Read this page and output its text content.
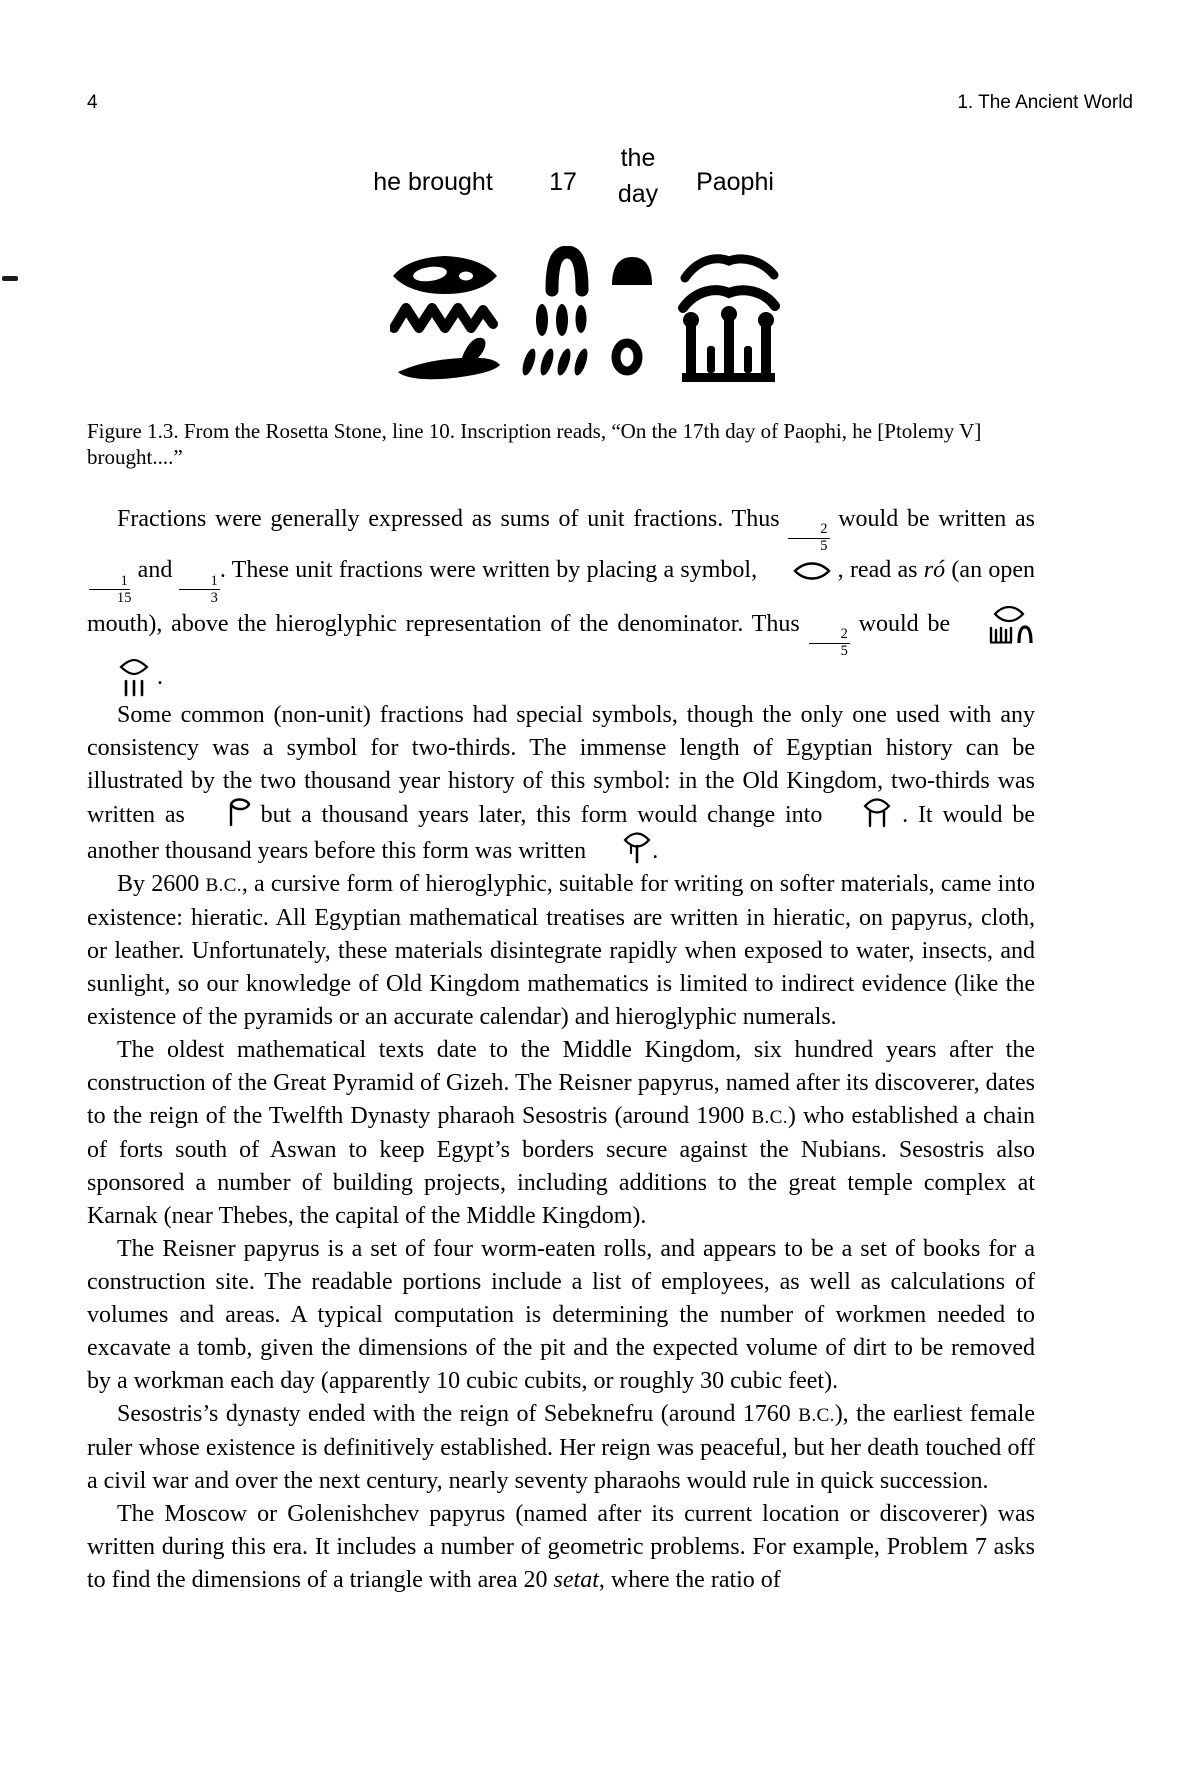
4	1. The Ancient World
he brought 17
the
day Paophi

Figure 1.3. From the Rosetta Stone, line 10. Inscription reads, “On the 17th day of Paophi, he [Ptolemy V] brought....”

Fractions were generally expressed as sums of unit fractions. Thus
$\frac{2}{5}$
would be written as
$\frac{1}{15}$
and
$\frac{1}{3}$
. These unit fractions were written by placing a symbol,	, read as ró (an open mouth), above the hieroglyphic representation of the denominator. Thus
$\frac{2}{5}$
would be   .

Some common (non-unit) fractions had special symbols, though the only one used with any consistency was a symbol for two-thirds. The immense length of Egyptian history can be illustrated by the two thousand year history of this symbol: in the Old Kingdom, two-thirds was written as  but a thousand years later, this form would change into	. It would be another thousand years before this form was written	.

By 2600 B.C., a cursive form of hieroglyphic, suitable for writing on softer materials, came into existence: hieratic. All Egyptian mathematical treatises are written in hieratic, on papyrus, cloth, or leather. Unfortunately, these materials disintegrate rapidly when exposed to water, insects, and sunlight, so our knowledge of Old Kingdom mathematics is limited to indirect evidence (like the existence of the pyramids or an accurate calendar) and hieroglyphic numerals.

The oldest mathematical texts date to the Middle Kingdom, six hundred years after the construction of the Great Pyramid of Gizeh. The Reisner papyrus, named after its discoverer, dates to the reign of the Twelfth Dynasty pharaoh Sesostris (around 1900 B.C.) who established a chain of forts south of Aswan to keep Egypt’s borders secure against the Nubians. Sesostris also sponsored a number of building projects, including additions to the great temple complex at Karnak (near Thebes, the capital of the Middle Kingdom).

The Reisner papyrus is a set of four worm-eaten rolls, and appears to be a set of books for a construction site. The readable portions include a list of employees, as well as calculations of volumes and areas. A typical computation is determining the number of workmen needed to excavate a tomb, given the dimensions of the pit and the expected volume of dirt to be removed by a workman each day (apparently 10 cubic cubits, or roughly 30 cubic feet).

Sesostris’s dynasty ended with the reign of Sebeknefru (around 1760 B.C.), the earliest female ruler whose existence is definitively established. Her reign was peaceful, but her death touched off a civil war and over the next century, nearly seventy pharaohs would rule in quick succession.

The Moscow or Golenishchev papyrus (named after its current location or discoverer) was written during this era. It includes a number of geometric problems. For example, Problem 7 asks to find the dimensions of a triangle with area 20 setat, where the ratio of
